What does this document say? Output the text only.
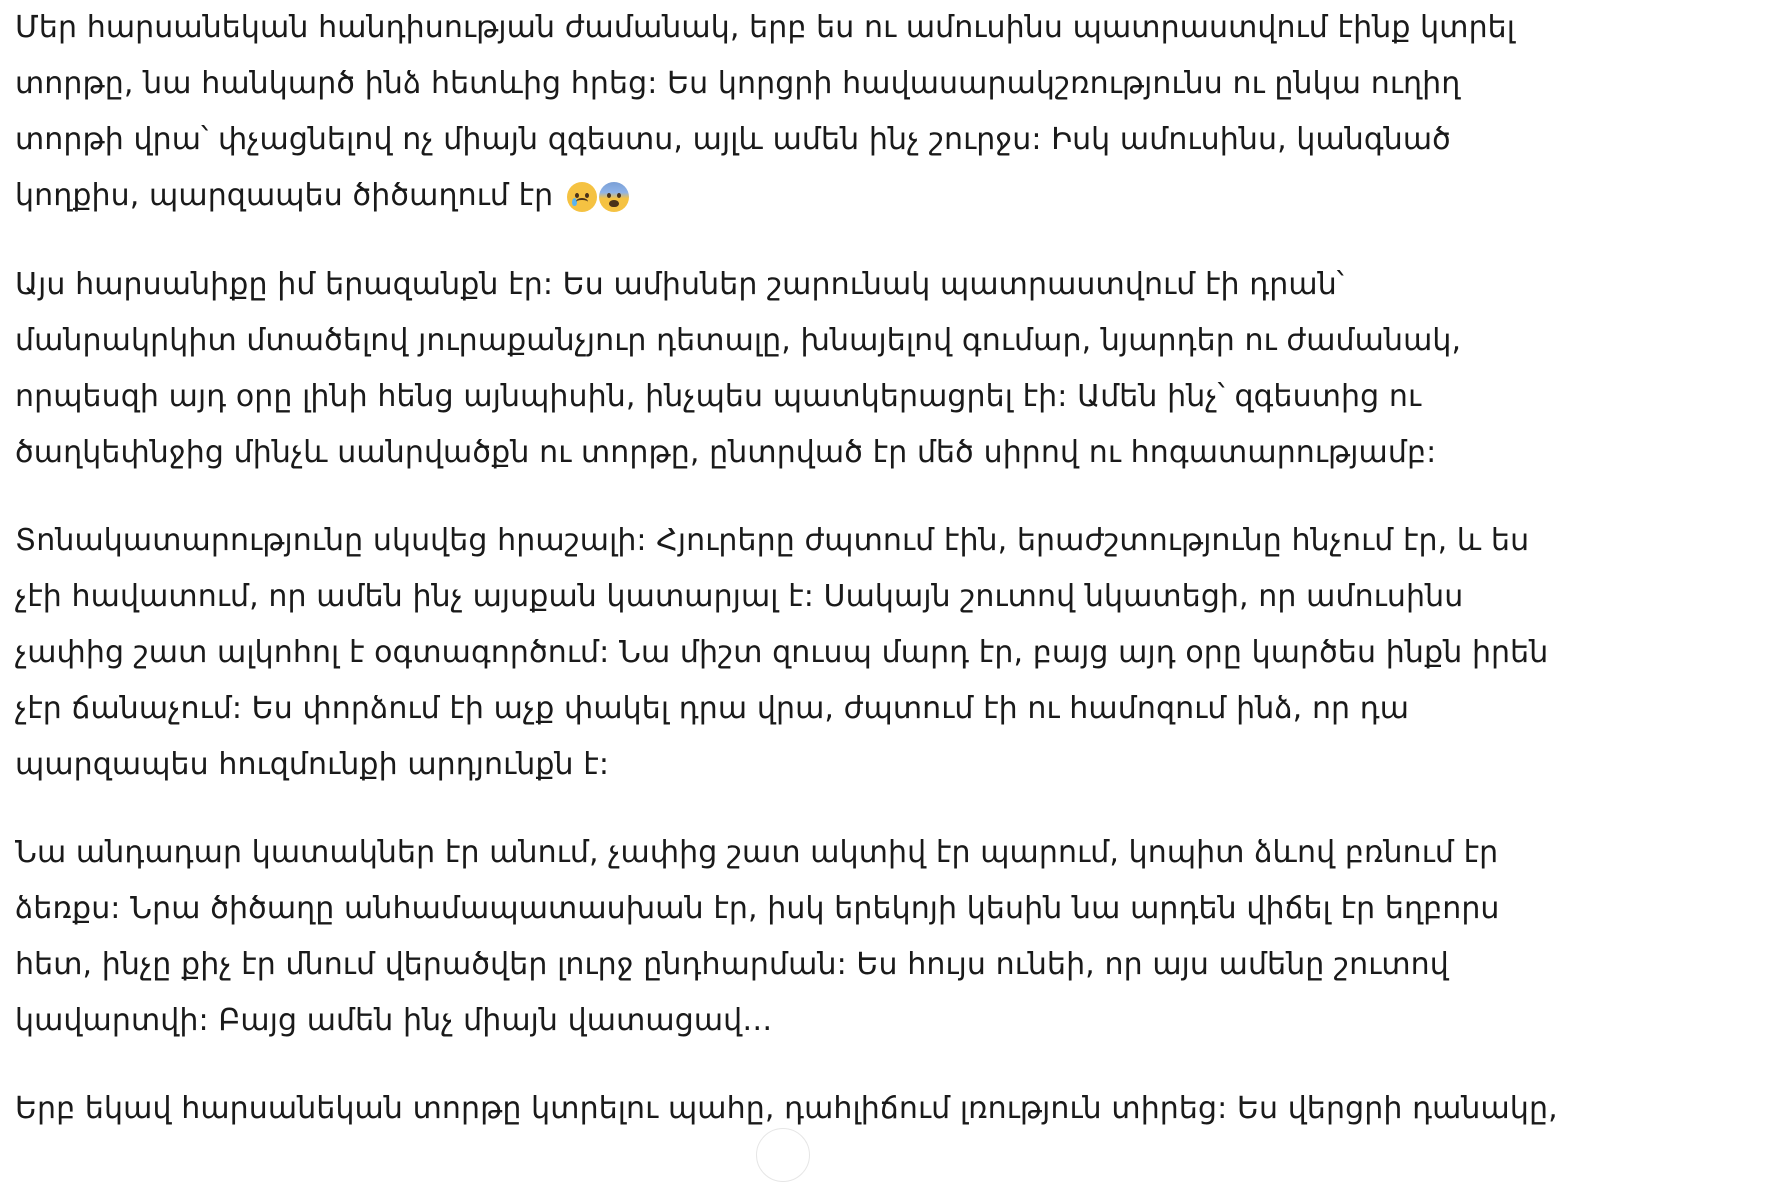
Մեր հարսանեկան հանդիսության ժամանակ, երբ ես ու ամուսինս պատրաստվում էինք կտրել տորթը, նա հանկարծ ինձ հետևից հրեց: Ես կորցրի հավասարակշռությունս ու ընկա ուղիղ տորթի վրա՝ փչացնելով ոչ միայն զգեստս, այլև ամեն ինչ շուրջս: Իսկ ամուսինս, կանգնած կողքիս, պարզապես ծիծաղում էր

Այս հարսանիքը իմ երազանքն էր: Ես ամիսներ շարունակ պատրաստվում էի դրան՝ մանրակրկիտ մտածելով յուրաքանչյուր դետալը, խնայելով գումար, նյարդեր ու ժամանակ, որպեսզի այդ օրը լինի հենց այնպիսին, ինչպես պատկերացրել էի: Ամեն ինչ՝ զգեստից ու ծաղկեփնջից մինչև սանրվածքն ու տորթը, ընտրված էր մեծ սիրով ու հոգատարությամբ:

Տոնակատարությունը սկսվեց հրաշալի: Հյուրերը ժպտում էին, երաժշտությունը հնչում էր, և ես չէի հավատում, որ ամեն ինչ այսքան կատարյալ է: Սակայն շուտով նկատեցի, որ ամուսինս չափից շատ ալկոհոլ է օգտագործում: Նա միշտ զուսպ մարդ էր, բայց այդ օրը կարծես ինքն իրեն չէր ճանաչում: Ես փորձում էի աչք փակել դրա վրա, ժպտում էի ու համոզում ինձ, որ դա պարզապես հուզմունքի արդյունքն է:

Նա անդադար կատակներ էր անում, չափից շատ ակտիվ էր պարում, կոպիտ ձևով բռնում էր ձեռքս: Նրա ծիծաղը անհամապատասխան էր, իսկ երեկոյի կեսին նա արդեն վիճել էր եղբորս հետ, ինչը քիչ էր մնում վերածվեր լուրջ ընդհարման: Ես հույս ունեի, որ այս ամենը շուտով կավարտվի: Բայց ամեն ինչ միայն վատացավ…

Երբ եկավ հարսանեկան տորթը կտրելու պահը, դահլիճում լռություն տիրեց: Ես վերցրի դանակը,
